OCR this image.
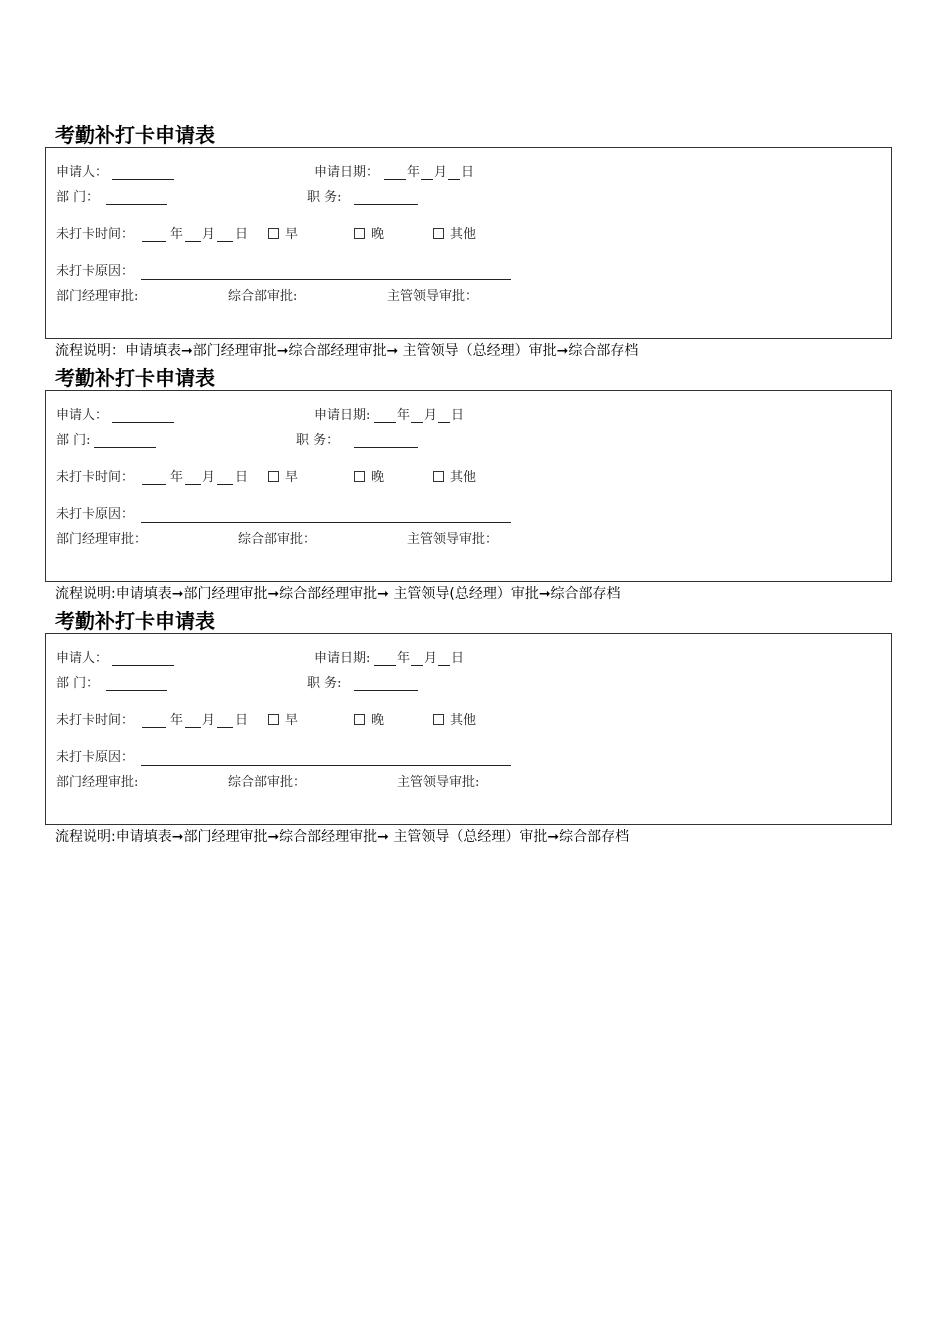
考勤补打卡申请表
申请人：	申请日期： 年 月 日
部 门：	职 务:
未打卡时间：	年 月 日	早	晚	其他
未打卡原因：
部门经理审批:	综合部审批:	主管领导审批：
流程说明：申请填表➞部门经理审批➞综合部经理审批➞ 主管领导（总经理）审批➞综合部存档
考勤补打卡申请表
申请人：	申请日期: 年 月 日
部 门:	职 务：
未打卡时间：	年 月 日	早	晚	其他
未打卡原因：
部门经理审批：	综合部审批：	主管领导审批：
流程说明:申请填表➞部门经理审批➞综合部经理审批➞ 主管领导(总经理）审批➞综合部存档
考勤补打卡申请表
申请人：	申请日期: 年 月 日
部 门：	职 务:
未打卡时间：	年 月 日	早	晚	其他
未打卡原因：
部门经理审批:	综合部审批：	主管领导审批:
流程说明:申请填表➞部门经理审批➞综合部经理审批➞ 主管领导（总经理）审批➞综合部存档
